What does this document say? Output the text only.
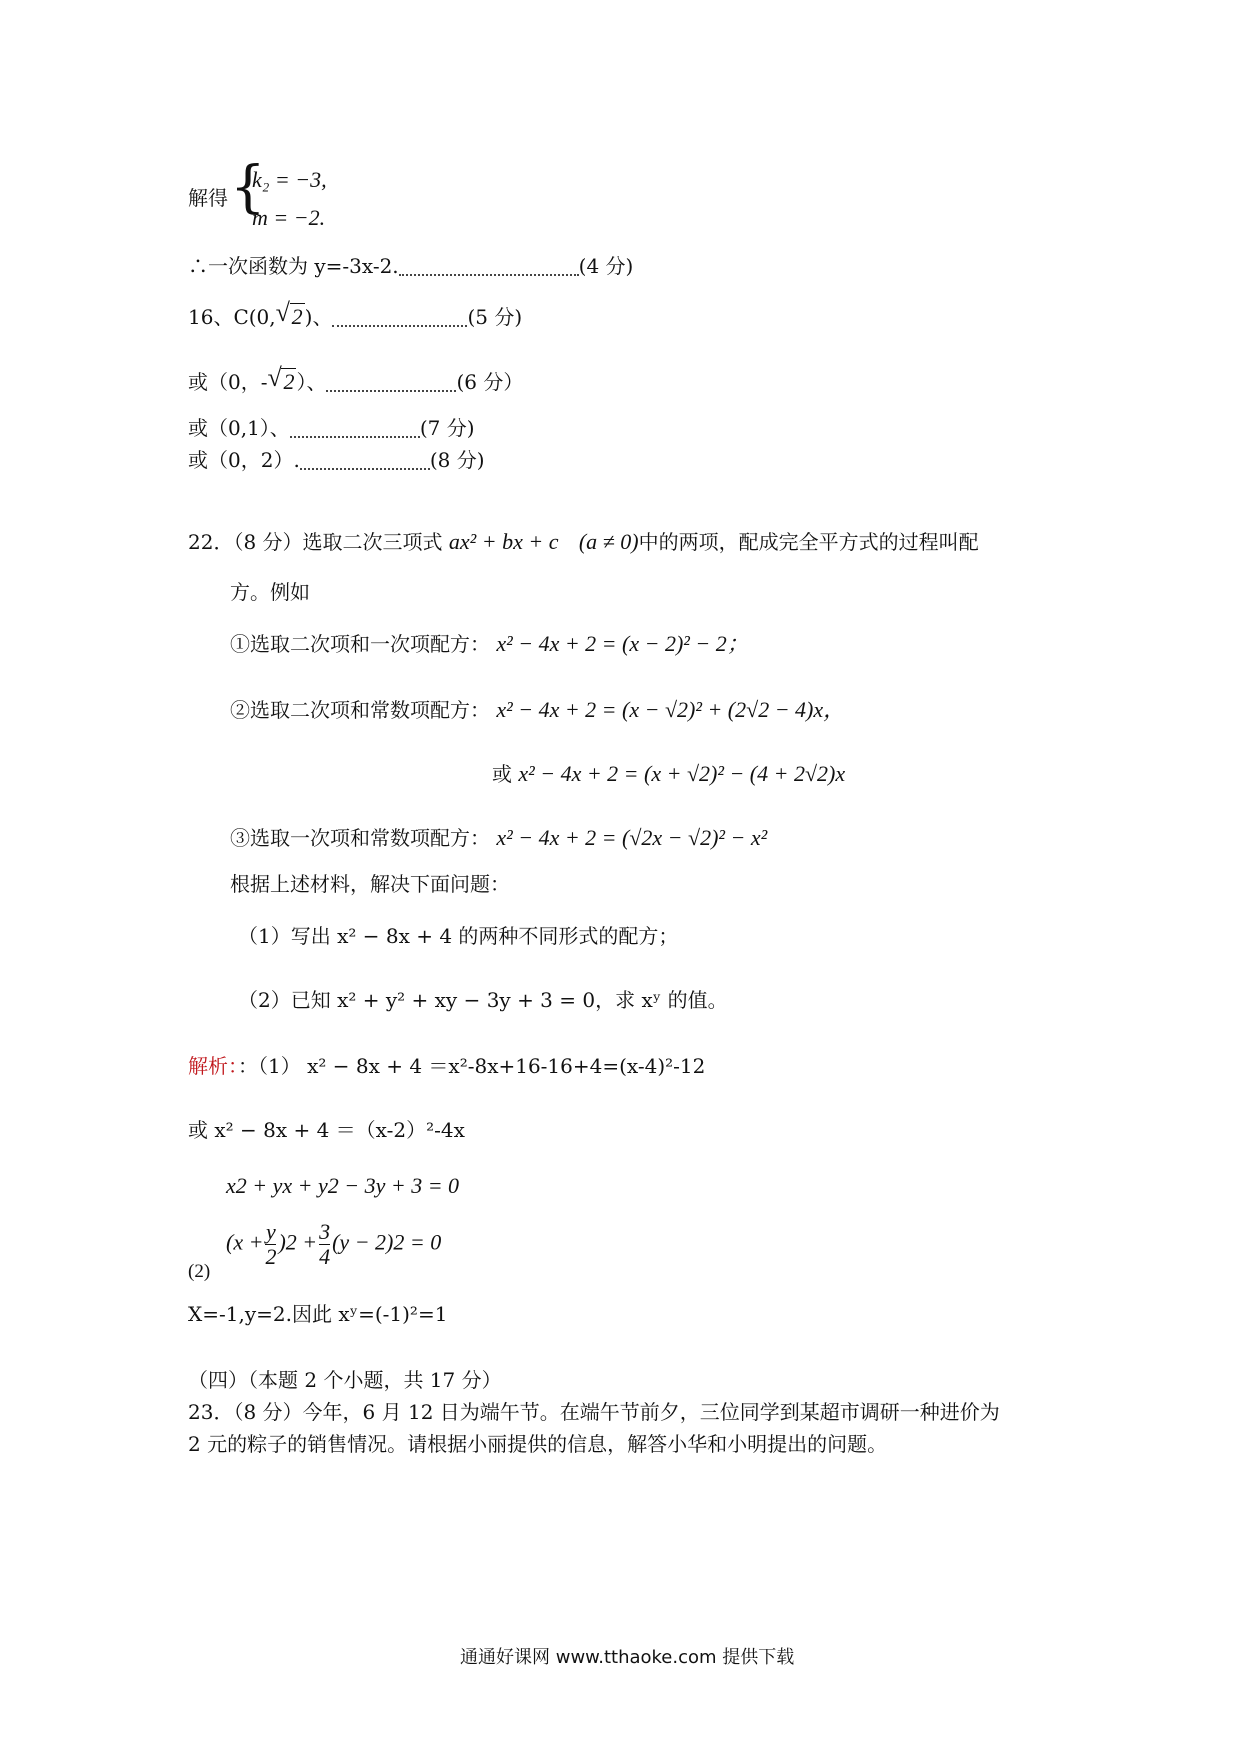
解得 {
k₂ = −3,
m = −2.
∴一次函数为 y=-3x-2.	(4 分)
16、C(0, √ 2 )、	(5 分)
或（0，- √ 2 ）、	(6 分）
或（0,1）、	(7 分)
或（0，2）.	(8 分)
22．（8 分）选取二次三项式 ax² + bx + c (a ≠ 0)中的两项，配成完全平方式的过程叫配
方。例如
①选取二次项和一次项配方： x² − 4x + 2 = (x − 2)² − 2；
②选取二次项和常数项配方： x² − 4x + 2 = (x − √2)² + (2√2 − 4)x，
或 x² − 4x + 2 = (x + √2)² − (4 + 2√2)x
③选取一次项和常数项配方： x² − 4x + 2 = (√2x − √2)² − x²
根据上述材料，解决下面问题：
（1）写出 x² − 8x + 4 的两种不同形式的配方；
（2）已知 x² + y² + xy − 3y + 3 = 0，求 xʸ 的值。
解析：：（1） x² − 8x + 4 ＝x²-8x+16-16+4=(x-4)²-12
或 x² − 8x + 4 ＝（x-2）²-4x
x2 + yx + y2 − 3y + 3 = 0
$(x + \frac{y}{2} )2 + \frac{3}{4} (y - 2)2 = 0$
(2)
X=-1,y=2.因此 xʸ=(-1)²=1
（四）（本题 2 个小题，共 17 分）
23．（8 分）今年，6 月 12 日为端午节。在端午节前夕，三位同学到某超市调研一种进价为
2 元的粽子的销售情况。请根据小丽提供的信息，解答小华和小明提出的问题。
通通好课网 www.tthaoke.com 提供下载
